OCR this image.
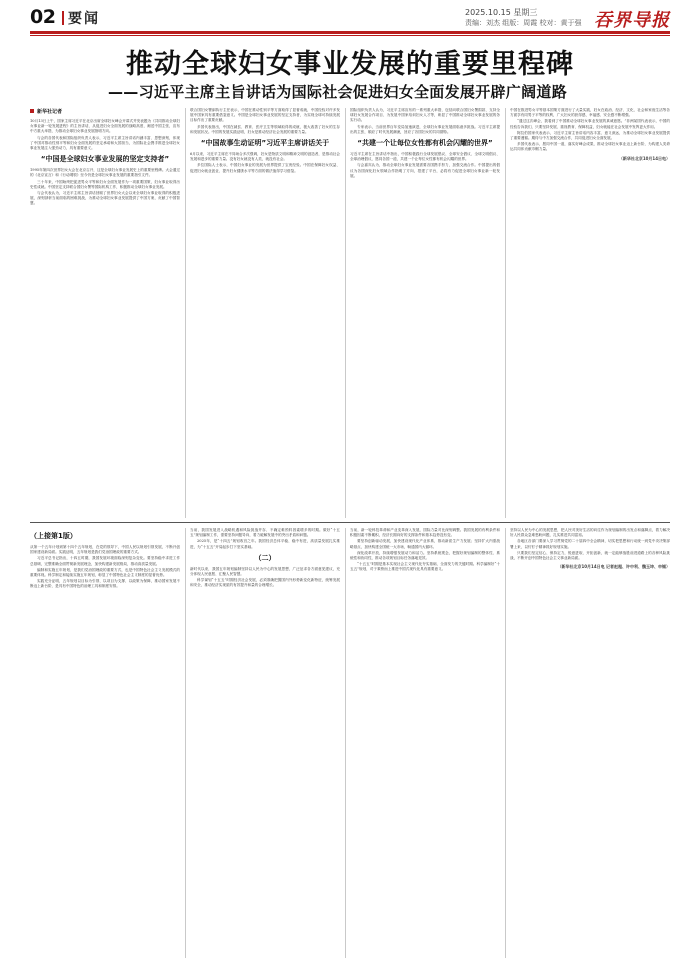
02 要闻	2025.10.15 星期三
责编：刘杰 组版：周霞 校对：黄于强 吞界导报
推动全球妇女事业发展的重要里程碑
——习近平主席主旨讲话为国际社会促进妇女全面发展开辟广阔道路
新华社记者

10月13日上午，国家主席习近平在北京出席全球妇女峰会开幕式并发表题为《共同推动全球妇女事业新一轮发展进程》的主旨讲话，从促进妇女全面发展的战略高度，阐述中国主张，宣布中方重大举措，为推动全球妇女事业发展指明方向。

与会的各国代表和国际组织负责人表示，习近平主席主旨讲话内涵丰富、思想深刻，体现了中国对推动性别平等和妇女全面发展的坚定承诺和大国担当，为国际社会携手推进全球妇女事业发展注入强劲动力，具有重要意义。

“中国是全球妇女事业发展的坚定支持者”

1995年第四次世界妇女大会在北京召开，这是全球妇女事业发展史上的重要里程碑。大会通过的《北京宣言》和《行动纲领》至今仍是全球妇女事业发展的重要指引文件。

三十年来，中国始终把促进男女平等和妇女全面发展作为一项重要国策，妇女事业取得历史性成就。中国坚定支持联合国妇女署等国际机构工作，积极推动全球妇女事业发展。

与会代表认为，习近平主席主旨讲话回顾了世界妇女大会以来全球妇女事业取得的积极进展，深刻剖析当前面临的困难挑战，为推动全球妇女事业发展提供了中国方案，贡献了中国智慧。

联合国妇女署副执行主任表示，中国在推动性别平等方面取得了显著成就，中国经验对许多发展中国家具有重要借鉴意义。中国是全球妇女事业发展的坚定支持者，为实现全球可持续发展目标作出了重要贡献。

多国代表指出，中国在减贫、教育、医疗卫生等领域取得的成就，极大改善了妇女的生存和发展状况。中国的发展实践证明，妇女是推动经济社会发展的重要力量。

“中国故事生动证明”习近平主席讲话关于

6月以来，习近平主席在不同场合多次强调，妇女是物质文明和精神文明的创造者，是推动社会发展和进步的重要力量。没有妇女就没有人类，就没有社会。

多位国际人士表示，中国妇女事业的发展为世界提供了宝贵经验。中国在保障妇女权益、促进妇女就业创业、提升妇女健康水平等方面的做法值得学习借鉴。

国际组织负责人认为，习近平主席宣布的一系列重大举措，包括向联合国妇女署捐款、支持全球妇女发展合作项目、为发展中国家培训妇女人才等，彰显了中国推动全球妇女事业发展的务实行动。

专家表示，当前世界百年变局加速演进，全球妇女事业发展面临诸多挑战。习近平主席提出的主张，顺应了时代发展潮流，回应了各国妇女的共同期待。

“共建一个让每位女性都有机会闪耀的世界”

习近平主席在主旨讲话中指出，中国积极践行全球发展倡议、全球安全倡议、全球文明倡议、全球治理倡议，愿同各国一道，共建一个让每位女性都有机会闪耀的世界。

与会嘉宾认为，推动全球妇女事业发展需要各国携手努力，加强交流合作。中国提出的倡议为各国深化妇女领域合作指明了方向，搭建了平台，必将有力促进全球妇女事业新一轮发展。

中国在推进男女平等基本国策方面进行了大量实践，妇女在政治、经济、文化、社会和家庭生活等各方面享有同男子平等的权利，广大妇女的获得感、幸福感、安全感不断增强。

“通过这次峰会，我看到了中国推动全球妇女事业发展的真诚意愿。”非洲某国代表表示，中国的经验告诉我们，只要坚持发展、重视教育、保障权益，妇女就能在社会发展中发挥更大作用。

阿拉伯国家代表表示，习近平主席主旨讲话内容丰富、意义深远，为推动全球妇女事业发展提供了重要遵循。期待与中方加强交流合作，共同促进妇女全面发展。

多国代表表示，愿同中国一道，落实好峰会成果，推动全球妇女事业迈上新台阶，为构建人类命运共同体贡献巾帼力量。

（新华社北京10月14日电）
（上接第1版）

从第一个五年计划到第十四个五年规划，在党的领导下，中国人民以规划引领发展，不断开创国家建设新局面。实践证明，五年规划是我们党治国理政的重要方式。

习近平总书记指出，十四五时期，我国发展环境面临深刻复杂变化。要坚持稳中求进工作总基调，完整准确全面贯彻新发展理念，加快构建新发展格局，推动高质量发展。

编制和实施五年规划，是我们党治国理政的重要方式，也是中国特色社会主义发展模式的重要体现。科学制定和接续实施五年规划，彰显了中国特色社会主义制度的显著优势。

实践充分证明，五年规划以目标为引领、以项目为支撑、以政策为保障，推动国家发展不断迈上新台阶，是具有中国特色的治理工具和制度安排。

当前，我国发展进入战略机遇和风险挑战并存、不确定难预料因素增多的时期。做好“十五五”规划编制工作，需要坚持问题导向，着力破解发展中的突出矛盾和问题。

2025年，是“十四五”规划收官之年。我国经济总体平稳、稳中有进，高质量发展扎实推进，为“十五五”开局起步打下坚实基础。

（二）

新时代以来，我国五年规划编制坚持以人民为中心的发展思想，广泛征求各方面意见建议，充分体现人民意愿、汇聚人民智慧。

科学谋划“十五五”时期经济社会发展，必须准确把握国内外形势新变化新特征，统筹发展和安全，推动经济实现质的有效提升和量的合理增长。

当前，新一轮科技革命和产业变革深入发展，国际力量对比深刻调整。我国发展的有利条件和积极因素不断累积，经济长期向好的支撑条件和基本趋势没有变。

要坚持创新驱动发展，加快建设现代化产业体系，推动新质生产力发展；坚持扩大内需战略基点，加快构建全国统一大市场，畅通国内大循环。

深化改革开放，持续增强发展动力和活力。坚持系统观念，把握好规划编制的整体性、系统性和协同性，推动各项规划目标任务落地见效。

“十五五”时期是基本实现社会主义现代化夯实基础、全面发力的关键时期。科学编制好“十五五”规划，对于乘势而上推进中国式现代化具有重要意义。

坚持以人民为中心的发展思想，把人民对美好生活的向往作为规划编制的出发点和落脚点，着力解决好人民群众急难愁盼问题，扎实推进共同富裕。

各地区各部门要深入学习贯彻党的二十届四中全会精神，切实把思想和行动统一到党中央决策部署上来，以钉钉子精神抓好规划实施。

只要我们坚定信心、保持定力，锐意进取、开拓创新，就一定能够战胜前进道路上的各种风险挑战，不断开创中国特色社会主义事业新局面。

（新华社北京10月14日电 记者赵超、许中利、魏玉坤、申铖）
